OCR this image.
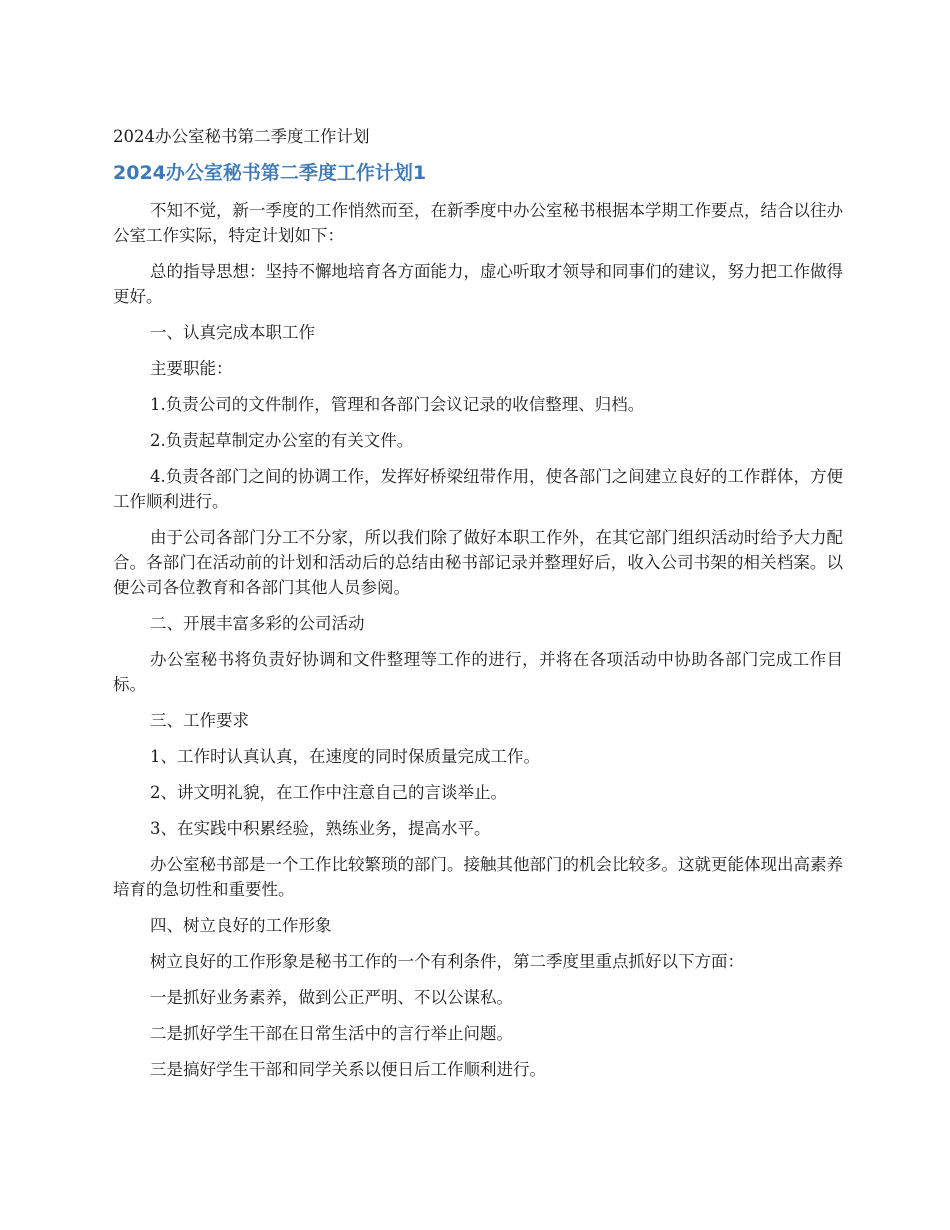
2024办公室秘书第二季度工作计划
2024办公室秘书第二季度工作计划1

不知不觉，新一季度的工作悄然而至，在新季度中办公室秘书根据本学期工作要点，结合以往办公室工作实际，特定计划如下：

总的指导思想：坚持不懈地培育各方面能力，虚心听取才领导和同事们的建议，努力把工作做得更好。

一、认真完成本职工作

主要职能：

1.负责公司的文件制作，管理和各部门会议记录的收信整理、归档。

2.负责起草制定办公室的有关文件。

4.负责各部门之间的协调工作，发挥好桥梁纽带作用，使各部门之间建立良好的工作群体，方便工作顺利进行。

由于公司各部门分工不分家，所以我们除了做好本职工作外，在其它部门组织活动时给予大力配合。各部门在活动前的计划和活动后的总结由秘书部记录并整理好后，收入公司书架的相关档案。以便公司各位教育和各部门其他人员参阅。

二、开展丰富多彩的公司活动

办公室秘书将负责好协调和文件整理等工作的进行，并将在各项活动中协助各部门完成工作目标。

三、工作要求

1、工作时认真认真，在速度的同时保质量完成工作。

2、讲文明礼貌，在工作中注意自己的言谈举止。

3、在实践中积累经验，熟练业务，提高水平。

办公室秘书部是一个工作比较繁琐的部门。接触其他部门的机会比较多。这就更能体现出高素养培育的急切性和重要性。

四、树立良好的工作形象

树立良好的工作形象是秘书工作的一个有利条件，第二季度里重点抓好以下方面：

一是抓好业务素养，做到公正严明、不以公谋私。

二是抓好学生干部在日常生活中的言行举止问题。

三是搞好学生干部和同学关系以便日后工作顺利进行。
